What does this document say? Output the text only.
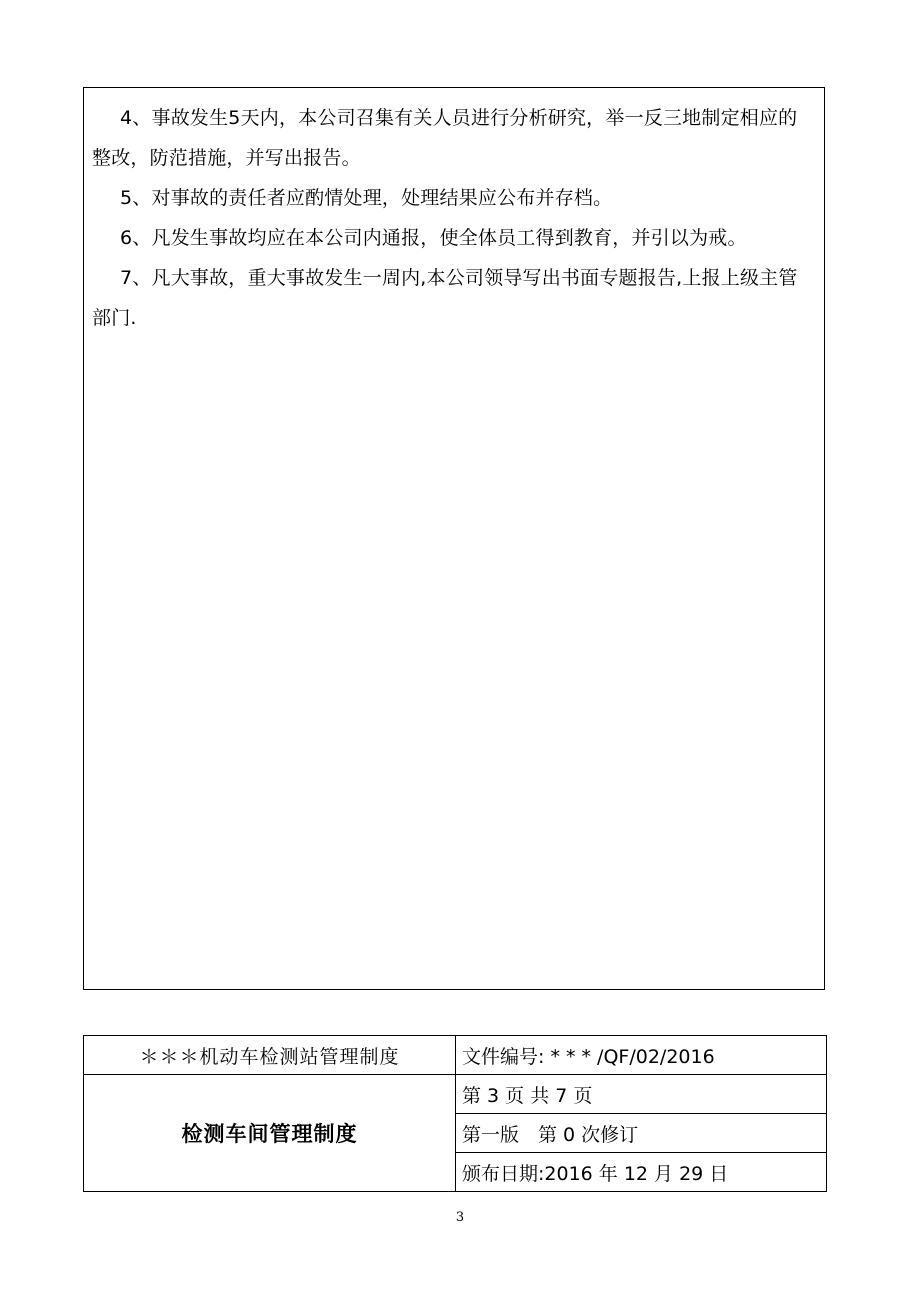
4、事故发生5天内，本公司召集有关人员进行分析研究，举一反三地制定相应的整改，防范措施，并写出报告。

5、对事故的责任者应酌情处理，处理结果应公布并存档。

6、凡发生事故均应在本公司内通报，使全体员工得到教育，并引以为戒。

7、凡大事故，重大事故发生一周内,本公司领导写出书面专题报告,上报上级主管部门.

＊＊＊机动车检测站管理制度	文件编号: * * * /QF/02/2016
检测车间管理制度	第 3 页 共 7 页
	第一版　第 0 次修订
	颁布日期:2016 年 12 月 29 日
3
